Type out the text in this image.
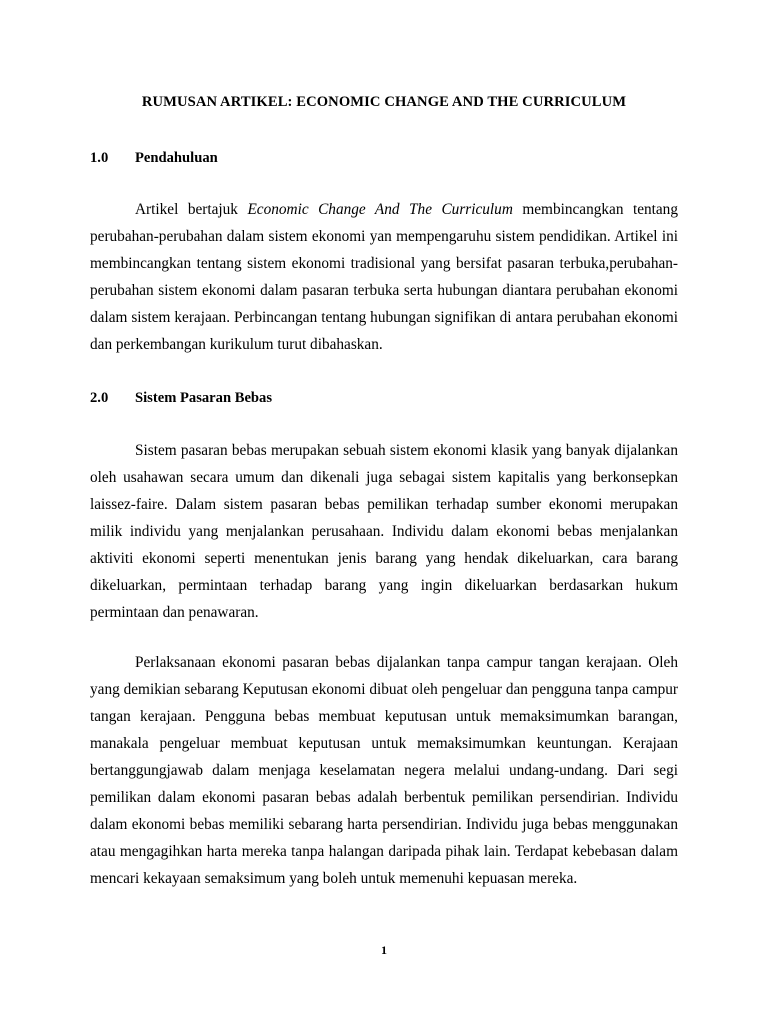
RUMUSAN ARTIKEL: ECONOMIC CHANGE AND THE CURRICULUM
1.0 Pendahuluan

Artikel bertajuk Economic Change And The Curriculum membincangkan tentang perubahan-perubahan dalam sistem ekonomi yan mempengaruhu sistem pendidikan. Artikel ini membincangkan tentang sistem ekonomi tradisional yang bersifat pasaran terbuka,perubahan-perubahan sistem ekonomi dalam pasaran terbuka serta hubungan diantara perubahan ekonomi dalam sistem kerajaan. Perbincangan tentang hubungan signifikan di antara perubahan ekonomi dan perkembangan kurikulum turut dibahaskan.

2.0 Sistem Pasaran Bebas

Sistem pasaran bebas merupakan sebuah sistem ekonomi klasik yang banyak dijalankan oleh usahawan secara umum dan dikenali juga sebagai sistem kapitalis yang berkonsepkan laissez-faire. Dalam sistem pasaran bebas pemilikan terhadap sumber ekonomi merupakan milik individu yang menjalankan perusahaan. Individu dalam ekonomi bebas menjalankan aktiviti ekonomi seperti menentukan jenis barang yang hendak dikeluarkan, cara barang dikeluarkan, permintaan terhadap barang yang ingin dikeluarkan berdasarkan hukum permintaan dan penawaran.

Perlaksanaan ekonomi pasaran bebas dijalankan tanpa campur tangan kerajaan. Oleh yang demikian sebarang Keputusan ekonomi dibuat oleh pengeluar dan pengguna tanpa campur tangan kerajaan. Pengguna bebas membuat keputusan untuk memaksimumkan barangan, manakala pengeluar membuat keputusan untuk memaksimumkan keuntungan. Kerajaan bertanggungjawab dalam menjaga keselamatan negera melalui undang-undang. Dari segi pemilikan dalam ekonomi pasaran bebas adalah berbentuk pemilikan persendirian. Individu dalam ekonomi bebas memiliki sebarang harta persendirian. Individu juga bebas menggunakan atau mengagihkan harta mereka tanpa halangan daripada pihak lain. Terdapat kebebasan dalam mencari kekayaan semaksimum yang boleh untuk memenuhi kepuasan mereka.

1
